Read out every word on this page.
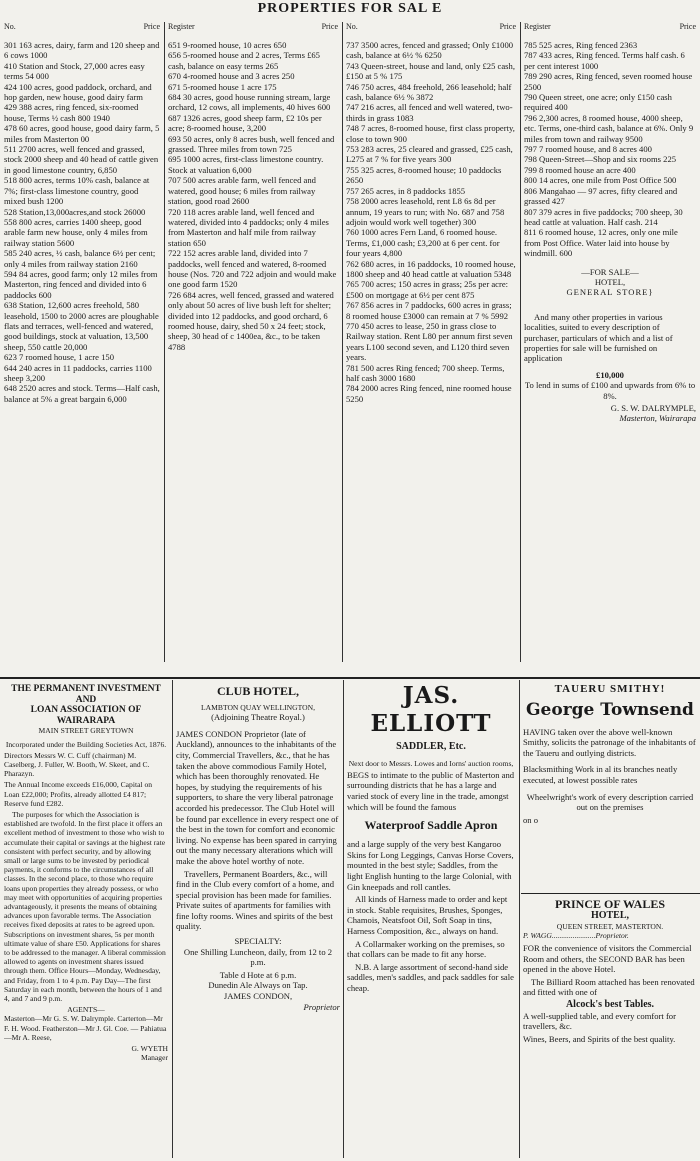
PROPERTIES FOR SAL E
No.	Price

301 163 acres, dairy, farm and 120 sheep and 6 cows 1000

410 Station and Stock, 27,000 acres easy terms 54 000

424 100 acres, good paddock, orchard, and hop garden, new house, good dairy farm

429 388 acres, ring fenced, six-roomed house, Terms ½ cash 800 1940

478 60 acres, good house, good dairy farm, 5 miles from Masterton 00

511 2700 acres, well fenced and grassed, stock 2000 sheep and 40 head of cattle given in good limestone country, 6,850

518 800 acres, terms 10% cash, balance at 7%; first-class limestone country, good mixed bush 1200

528 Station,13,000acres,and stock 26000

558 800 acres, carries 1400 sheep, good arable farm new house, only 4 miles from railway station 5600

585 240 acres, ½ cash, balance 6½ per cent; only 4 miles from railway station 2160

594 84 acres, good farm; only 12 miles from Masterton, ring fenced and divided into 6 paddocks 600

638 Station, 12,600 acres freehold, 580 leasehold, 1500 to 2000 acres are ploughable flats and terraces, well-fenced and watered, good buildings, stock at valuation, 13,500 sheep, 550 cattle 20,000

623 7 roomed house, 1 acre 150

644 240 acres in 11 paddocks, carries 1100 sheep 3,200

648 2520 acres and stock. Terms—Half cash, balance at 5% a great bargain 6,000

Register	Price

651 9-roomed house, 10 acres 650

656 5-roomed house and 2 acres, Terms £65 cash, balance on easy terms 265

670 4-roomed house and 3 acres 250

671 5-roomed house 1 acre 175

684 30 acres, good house running stream, large orchard, 12 cows, all implements, 40 hives 600

687 1326 acres, good sheep farm, £2 10s per acre; 8-roomed house, 3,200

693 50 acres, only 8 acres bush, well fenced and grassed. Three miles from town 725

695 1000 acres, first-class limestone country. Stock at valuation 6,000

707 500 acres arable farm, well fenced and watered, good house; 6 miles from railway station, good road 2600

720 118 acres arable land, well fenced and watered, divided into 4 paddocks; only 4 miles from Masterton and half mile from railway station 650

722 152 acres arable land, divided into 7 paddocks, well fenced and watered, 8-roomed house (Nos. 720 and 722 adjoin and would make one good farm 1520

726 684 acres, well fenced, grassed and watered only about 50 acres of live bush left for shelter; divided into 12 paddocks, and good orchard, 6 roomed house, dairy, shed 50 x 24 feet; stock, sheep, 30 head of c 1400ea, &c., to be taken 4788

No.	Price

737 3500 acres, fenced and grassed; Only £1000 cash, balance at 6½ % 6250

743 Queen-street, house and land, only £25 cash, £150 at 5 % 175

746 750 acres, 484 freehold, 266 leasehold; half cash, balance 6½ % 3872

747 216 acres, all fenced and well watered, two-thirds in grass 1083

748 7 acres, 8-roomed house, first class property, close to town 900

753 283 acres, 25 cleared and grassed, £25 cash, L275 at 7 % for five years 300

755 325 acres, 8-roomed house; 10 paddocks 2650

757 265 acres, in 8 paddocks 1855

758 2000 acres leasehold, rent L8 6s 8d per annum, 19 years to run; with No. 687 and 758 adjoin would work well together) 300

760 1000 acres Fern Land, 6 roomed house. Terms, £1,000 cash; £3,200 at 6 per cent. for four years 4,800

762 680 acres, in 16 paddocks, 10 roomed house, 1800 sheep and 40 head cattle at valuation 5348

765 700 acres; 150 acres in grass; 25s per acre: £500 on mortgage at 6½ per cent 875

767 856 acres in 7 paddocks, 600 acres in grass; 8 roomed house £3000 can remain at 7 % 5992

770 450 acres to lease, 250 in grass close to Railway station. Rent L80 per annum first seven years L100 second seven, and L120 third seven years.

781 500 acres Ring fenced; 700 sheep. Terms, half cash 3000 1680

784 2000 acres Ring fenced, nine roomed house 5250

Register	Price

785 525 acres, Ring fenced 2363

787 433 acres, Ring fenced. Terms half cash. 6 per cent interest 1000

789 290 acres, Ring fenced, seven roomed house 2500

790 Queen street, one acre; only £150 cash required 400

796 2,300 acres, 8 roomed house, 4000 sheep, etc. Terms, one-third cash, balance at 6%. Only 9 miles from town and railway 9500

797 7 roomed house, and 8 acres 400

798 Queen-Street—Shop and six rooms 225

799 8 roomed house an acre 400

800 14 acres, one mile from Post Office 500

806 Mangahao — 97 acres, fifty cleared and grassed 427

807 379 acres in five paddocks; 700 sheep, 30 head cattle at valuation. Half cash. 214

811 6 roomed house, 12 acres, only one mile from Post Office. Water laid into house by windmill. 600

—FOR SALE—
HOTEL,
GENERAL STORE}

And many other properties in various localities, suited to every description of purchaser, particulars of which and a list of properties for sale will be furnished on application

£10,000

To lend in sums of £100 and upwards from 6% to 8%.

G. S. W. DALRYMPLE,
Masterton, Wairarapa
THE PERMANENT INVESTMENT AND
LOAN ASSOCIATION OF WAIRARAPA
MAIN STREET GREYTOWN

Incorporated under the Building Societies Act, 1876.

Directors Messrs W. C. Cuff (chairman) M. Caselberg, J. Fuller, W. Booth, W. Skeet, and C. Pharazyn.

The Annual Income exceeds £16,000, Capital on Loan £22,000; Profits, already allotted £4 817; Reserve fund £282.

The purposes for which the Association is established are twofold. In the first place it offers an excellent method of investment to those who wish to accumulate their capital or savings at the highest rate consistent with perfect security, and by allowing small or large sums to be invested by periodical payments, it conforms to the circumstances of all classes. In the second place, to those who require loans upon properties they already possess, or who may meet with opportunities of acquiring properties advantageously, it presents the means of obtaining advances upon favorable terms. The Association receives fixed deposits at rates to be agreed upon. Subscriptions on investment shares, 5s per month ultimate value of share £50. Applications for shares to be addressed to the manager. A liberal commission allowed to agents on investment shares issued through them. Office Hours—Monday, Wednesday, and Friday, from 1 to 4 p.m. Pay Day—The first Saturday in each month, between the hours of 1 and 4, and 7 and 9 p.m.

AGENTS—

Masterton—Mr G. S. W. Dalrymple. Carterton—Mr F. H. Wood. Featherston—Mr J. Gl. Coe. — Pahiatua—Mr A. Reese,

G. WYETH
Manager
CLUB HOTEL,
LAMBTON QUAY WELLINGTON,
(Adjoining Theatre Royal.)

JAMES CONDON Proprietor (late of Auckland), announces to the inhabitants of the city, Commercial Travellers, &c., that he has taken the above commodious Family Hotel, which has been thoroughly renovated. He hopes, by studying the requirements of his supporters, to share the very liberal patronage accorded his predecessor. The Club Hotel will be found par excellence in every respect one of the best in the town for comfort and economic living. No expense has been spared in carrying out the many necessary alterations which will make the above hotel worthy of note.

Travellers, Permanent Boarders, &c., will find in the Club every comfort of a home, and special provision has been made for families. Private suites of apartments for families with fine lofty rooms. Wines and spirits of the best quality.

SPECIALTY:

One Shilling Luncheon, daily, from 12 to 2 p.m.

Table d Hote at 6 p.m.
Dunedin Ale Always on Tap.
JAMES CONDON,
Proprietor
JAS. ELLIOTT
SADDLER, Etc.

Next door to Messrs. Lowes and Iorns' auction rooms,

BEGS to intimate to the public of Masterton and surrounding districts that he has a large and varied stock of every line in the trade, amongst which will be found the famous

Waterproof Saddle Apron

and a large supply of the very best Kangaroo Skins for Long Leggings, Canvas Horse Covers, mounted in the best style; Saddles, from the light English hunting to the large Colonial, with Gin kneepads and roll cantles.

All kinds of Harness made to order and kept in stock. Stable requisites, Brushes, Sponges, Chamois, Neatsfoot Oil, Soft Soap in tins, Harness Composition, &c., always on hand.

A Collarmaker working on the premises, so that collars can be made to fit any horse.

N.B. A large assortment of second-hand side saddles, men's saddles, and pack saddles for sale cheap.

TAUERU SMITHY!
George Townsend

HAVING taken over the above well-known Smithy, solicits the patronage of the inhabitants of the Taueru and outlying districts.

Blacksmithing Work in al its branches neatly executed, at lowest possible rates

Wheelwright's work of every description carried out on the premises

on o
PRINCE OF WALES
HOTEL,
QUEEN STREET, MASTERTON.
P. WAGG.......................Proprietor.

FOR the convenience of visitors the Commercial Room and others, the SECOND BAR has been opened in the above Hotel.

The Billiard Room attached has been renovated and fitted with one of

Alcock's best Tables.

A well-supplied table, and every comfort for travellers, &c.

Wines, Beers, and Spirits of the best quality.
